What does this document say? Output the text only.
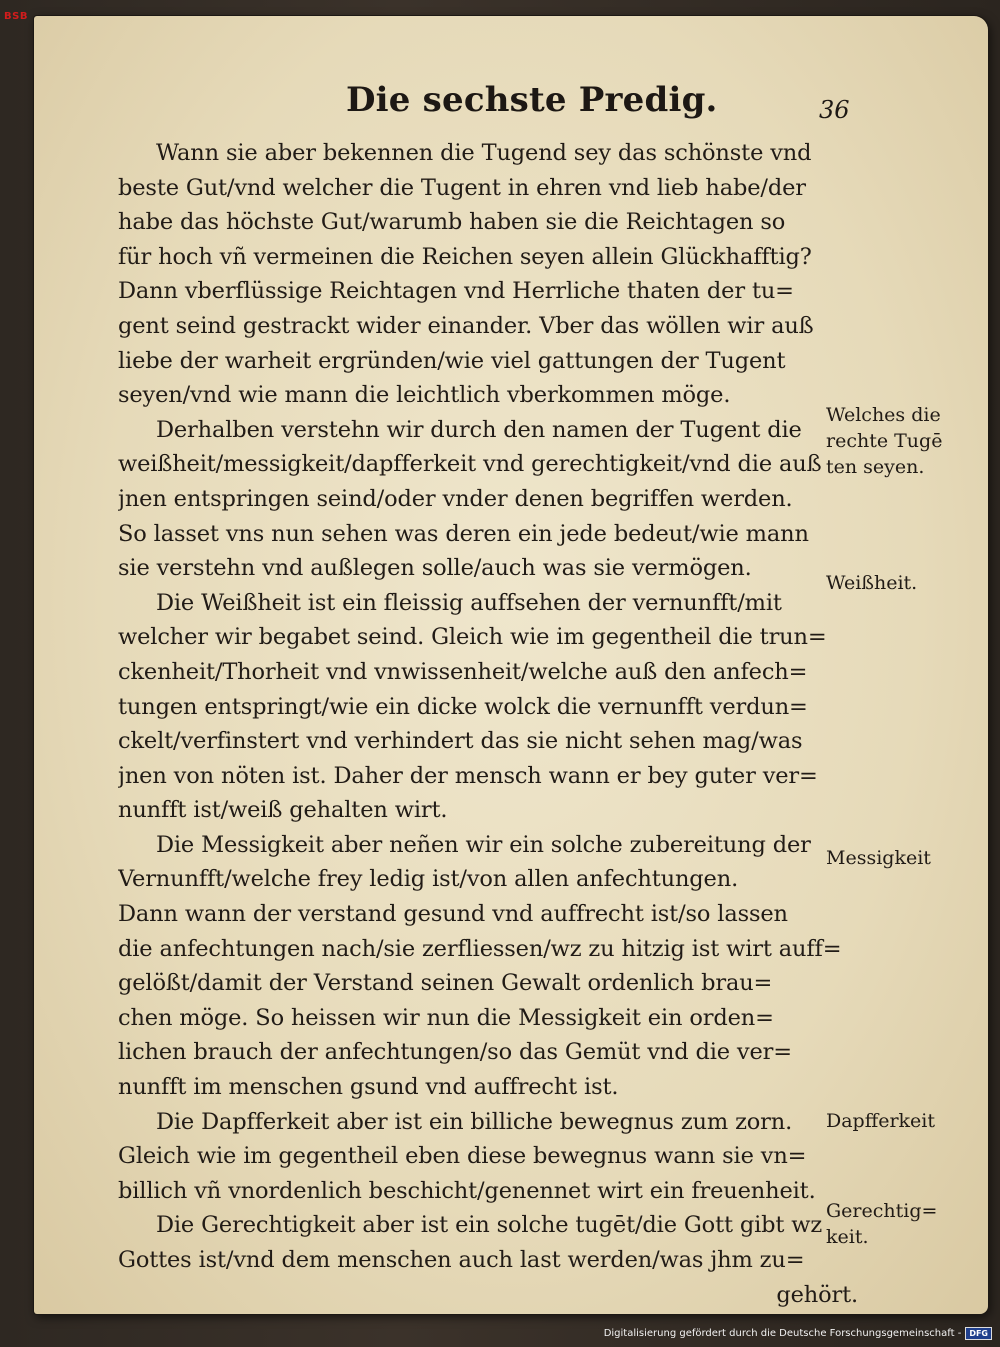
BSB
Die sechste Predig.	36
Wann sie aber bekennen die Tugend sey das schönste vnd
beste Gut/vnd welcher die Tugent in ehren vnd lieb habe/der
habe das höchste Gut/warumb haben sie die Reichtagen so
für hoch vñ vermeinen die Reichen seyen allein Glückhafftig?
Dann vberflüssige Reichtagen vnd Herrliche thaten der tu=
gent seind gestrackt wider einander. Vber das wöllen wir auß
liebe der warheit ergründen/wie viel gattungen der Tugent
seyen/vnd wie mann die leichtlich vberkommen möge.
Derhalben verstehn wir durch den namen der Tugent die
weißheit/messigkeit/dapfferkeit vnd gerechtigkeit/vnd die auß
jnen entspringen seind/oder vnder denen begriffen werden.
So lasset vns nun sehen was deren ein jede bedeut/wie mann
sie verstehn vnd außlegen solle/auch was sie vermögen.
Die Weißheit ist ein fleissig auffsehen der vernunfft/mit
welcher wir begabet seind. Gleich wie im gegentheil die trun=
ckenheit/Thorheit vnd vnwissenheit/welche auß den anfech=
tungen entspringt/wie ein dicke wolck die vernunfft verdun=
ckelt/verfinstert vnd verhindert das sie nicht sehen mag/was
jnen von nöten ist. Daher der mensch wann er bey guter ver=
nunfft ist/weiß gehalten wirt.
Die Messigkeit aber neñen wir ein solche zubereitung der
Vernunfft/welche frey ledig ist/von allen anfechtungen.
Dann wann der verstand gesund vnd auffrecht ist/so lassen
die anfechtungen nach/sie zerfliessen/wz zu hitzig ist wirt auff=
gelößt/damit der Verstand seinen Gewalt ordenlich brau=
chen möge. So heissen wir nun die Messigkeit ein orden=
lichen brauch der anfechtungen/so das Gemüt vnd die ver=
nunfft im menschen gsund vnd auffrecht ist.
Die Dapfferkeit aber ist ein billiche bewegnus zum zorn.
Gleich wie im gegentheil eben diese bewegnus wann sie vn=
billich vñ vnordenlich beschicht/genennet wirt ein freuenheit.
Die Gerechtigkeit aber ist ein solche tugēt/die Gott gibt wz
Gottes ist/vnd dem menschen auch last werden/was jhm zu=
gehört.
Welches die rechte Tugē ten seyen.
Weißheit.
Messigkeit
Dapfferkeit
Gerechtig= keit.
Digitalisierung gefördert durch die Deutsche Forschungsgemeinschaft -	DFG
